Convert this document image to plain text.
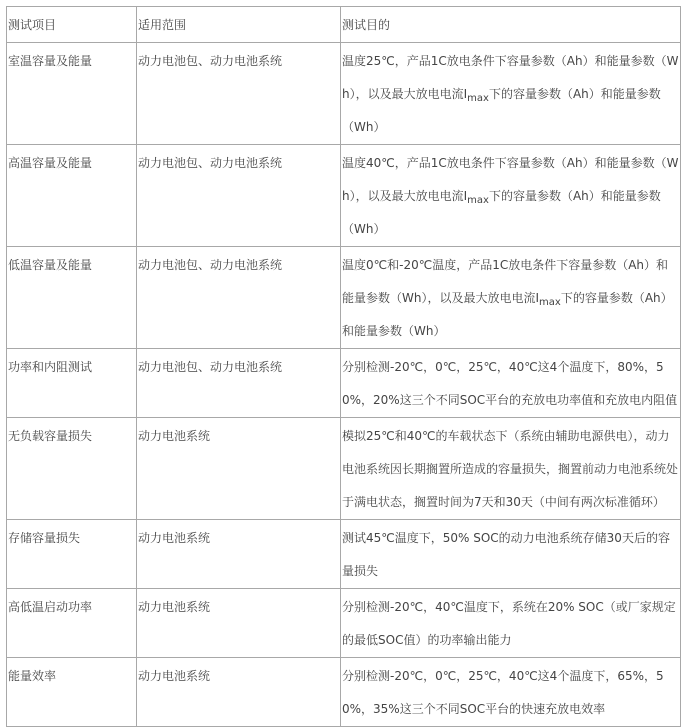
测试项目	适用范围	测试目的
室温容量及能量	动力电池包、动力电池系统	温度25℃，产品1C放电条件下容量参数（Ah）和能量参数（Wh），以及最大放电电流$I_{max}$下的容量参数（Ah）和能量参数（Wh）
高温容量及能量	动力电池包、动力电池系统	温度40℃，产品1C放电条件下容量参数（Ah）和能量参数（Wh），以及最大放电电流$I_{max}$下的容量参数（Ah）和能量参数（Wh）
低温容量及能量	动力电池包、动力电池系统	温度0℃和-20℃温度，产品1C放电条件下容量参数（Ah）和能量参数（Wh），以及最大放电电流$I_{max}$下的容量参数（Ah）和能量参数（Wh）
功率和内阻测试	动力电池包、动力电池系统	分别检测-20℃，0℃，25℃，40℃这4个温度下，80%，50%，20%这三个不同SOC平台的充放电功率值和充放电内阻值
无负载容量损失	动力电池系统	模拟25℃和40℃的车载状态下（系统由辅助电源供电），动力电池系统因长期搁置所造成的容量损失，搁置前动力电池系统处于满电状态，搁置时间为7天和30天（中间有两次标准循环）
存储容量损失	动力电池系统	测试45℃温度下，50% SOC的动力电池系统存储30天后的容量损失
高低温启动功率	动力电池系统	分别检测-20℃，40℃温度下，系统在20% SOC（或厂家规定的最低SOC值）的功率输出能力
能量效率	动力电池系统	分别检测-20℃，0℃，25℃，40℃这4个温度下，65%，50%，35%这三个不同SOC平台的快速充放电效率
